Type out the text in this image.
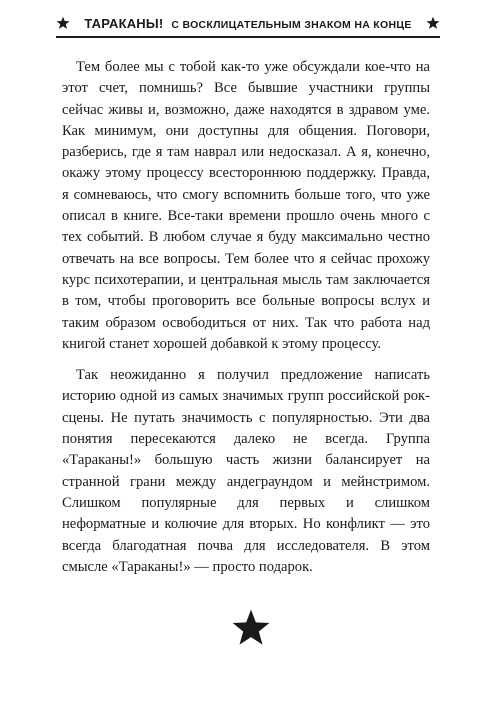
ТАРАКАНЫ! С ВОСКЛИЦАТЕЛЬНЫМ ЗНАКОМ НА КОНЦЕ

Тем более мы с тобой как-то уже обсуждали кое-что на этот счет, помнишь? Все бывшие участники группы сейчас живы и, возможно, даже находятся в здравом уме. Как минимум, они доступны для общения. Поговори, разберись, где я там наврал или недосказал. А я, конечно, окажу этому процессу всестороннюю поддержку. Правда, я сомневаюсь, что смогу вспомнить больше того, что уже описал в книге. Все-таки времени прошло очень много с тех событий. В любом случае я буду максимально честно отвечать на все вопросы. Тем более что я сейчас прохожу курс психотерапии, и центральная мысль там заключается в том, чтобы проговорить все больные вопросы вслух и таким образом освободиться от них. Так что работа над книгой станет хорошей добавкой к этому процессу.

Так неожиданно я получил предложение написать историю одной из самых значимых групп российской рок-сцены. Не путать значимость с популярностью. Эти два понятия пересекаются далеко не всегда. Группа «Тараканы!» большую часть жизни балансирует на странной грани между андеграундом и мейнстримом. Слишком популярные для первых и слишком неформатные и колючие для вторых. Но конфликт — это всегда благодатная почва для исследователя. В этом смысле «Тараканы!» — просто подарок.
